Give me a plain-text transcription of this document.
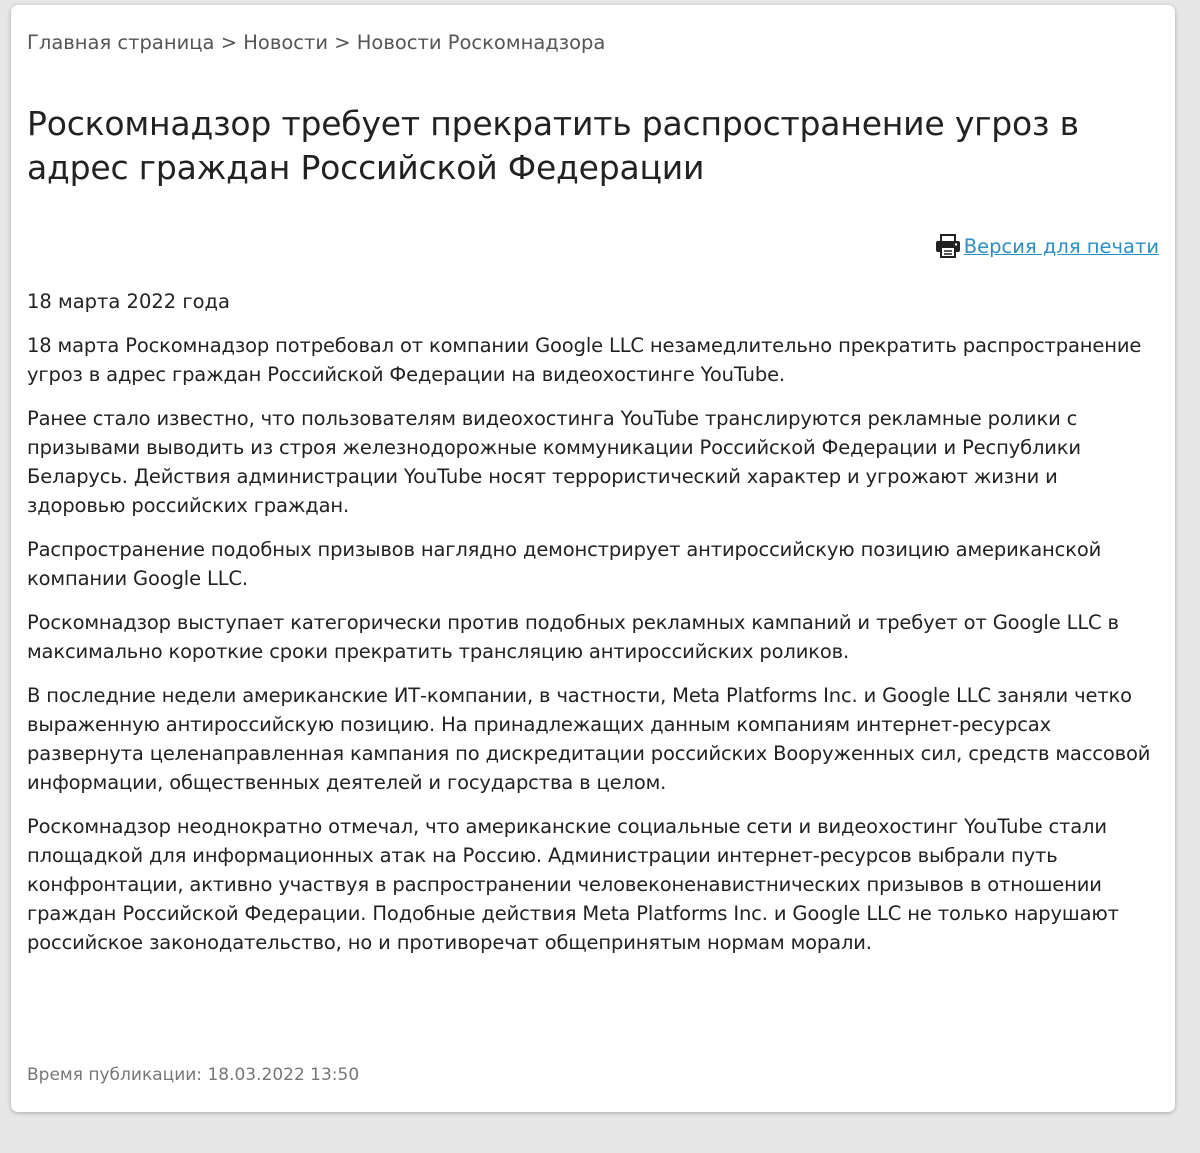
Главная страница > Новости > Новости Роскомнадзора
Роскомнадзор требует прекратить распространение угроз в адрес граждан Российской Федерации
Версия для печати

18 марта 2022 года

18 марта Роскомнадзор потребовал от компании Google LLC незамедлительно прекратить распространение угроз в адрес граждан Российской Федерации на видеохостинге YouTube.

Ранее стало известно, что пользователям видеохостинга YouTube транслируются рекламные ролики с призывами выводить из строя железнодорожные коммуникации Российской Федерации и Республики Беларусь. Действия администрации YouTube носят террористический характер и угрожают жизни и здоровью российских граждан.

Распространение подобных призывов наглядно демонстрирует антироссийскую позицию американской компании Google LLC.

Роскомнадзор выступает категорически против подобных рекламных кампаний и требует от Google LLC в максимально короткие сроки прекратить трансляцию антироссийских роликов.

В последние недели американские ИТ-компании, в частности, Meta Platforms Inc. и Google LLC заняли четко выраженную антироссийскую позицию. На принадлежащих данным компаниям интернет-ресурсах развернута целенаправленная кампания по дискредитации российских Вооруженных сил, средств массовой информации, общественных деятелей и государства в целом.

Роскомнадзор неоднократно отмечал, что американские социальные сети и видеохостинг YouTube стали площадкой для информационных атак на Россию. Администрации интернет-ресурсов выбрали путь конфронтации, активно участвуя в распространении человеконенавистнических призывов в отношении граждан Российской Федерации. Подобные действия Meta Platforms Inc. и Google LLC не только нарушают российское законодательство, но и противоречат общепринятым нормам морали.

Время публикации: 18.03.2022 13:50
